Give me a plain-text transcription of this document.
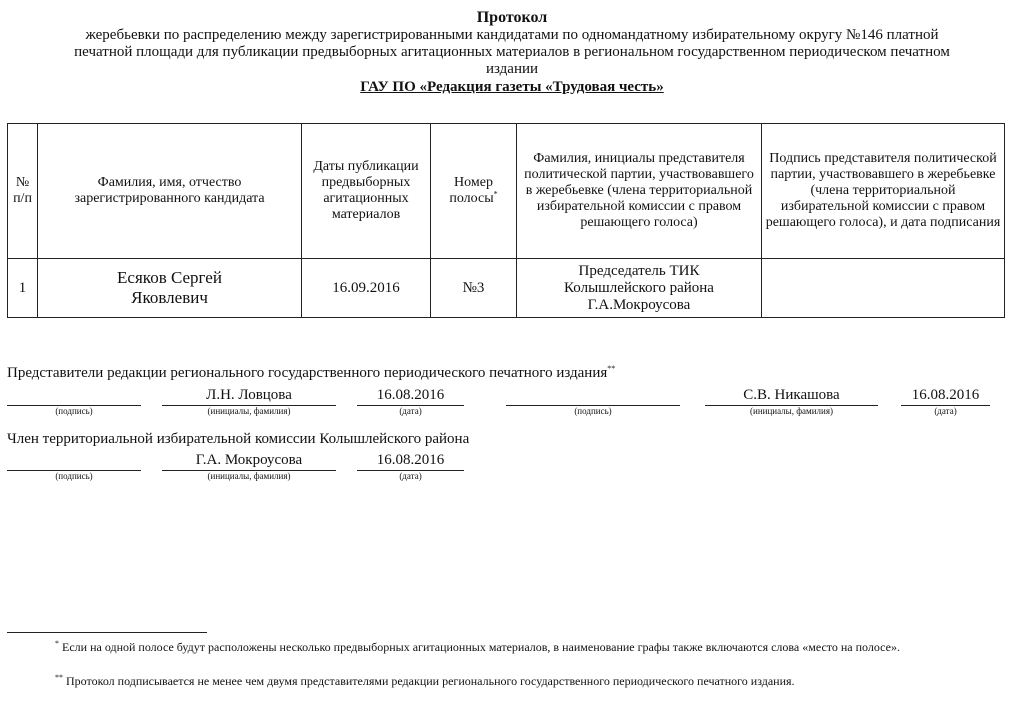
Протокол
жеребьевки по распределению между зарегистрированными кандидатами по одномандатному избирательному округу №146 платной
печатной площади для публикации предвыборных агитационных материалов в региональном государственном периодическом печатном
издании
ГАУ ПО «Редакция газеты «Трудовая честь»
№ п/п	Фамилия, имя, отчество зарегистрированного кандидата	Даты публикации предвыборных агитационных материалов	Номер полосы*	Фамилия, инициалы представителя политической партии, участвовавшего в жеребьевке (члена территориальной избирательной комиссии с правом решающего голоса)	Подпись представителя политической партии, участвовавшего в жеребьевке (члена территориальной избирательной комиссии с правом решающего голоса), и дата подписания
1	Есяков Сергей Яковлевич	16.09.2016	№3	Председатель ТИК Колышлейского района Г.А.Мокроусова	

Представители редакции регионального государственного периодического печатного издания**
Л.Н. Ловцова	16.08.2016	С.В. Никашова	16.08.2016
(подпись)	(инициалы, фамилия)	(дата)	(подпись)	(инициалы, фамилия)	(дата)
Член территориальной избирательной комиссии Колышлейского района
Г.А. Мокроусова	16.08.2016
(подпись)	(инициалы, фамилия)	(дата)
* Если на одной полосе будут расположены несколько предвыборных агитационных материалов, в наименование графы также включаются слова «место на полосе».
** Протокол подписывается не менее чем двумя представителями редакции регионального государственного периодического печатного издания.
